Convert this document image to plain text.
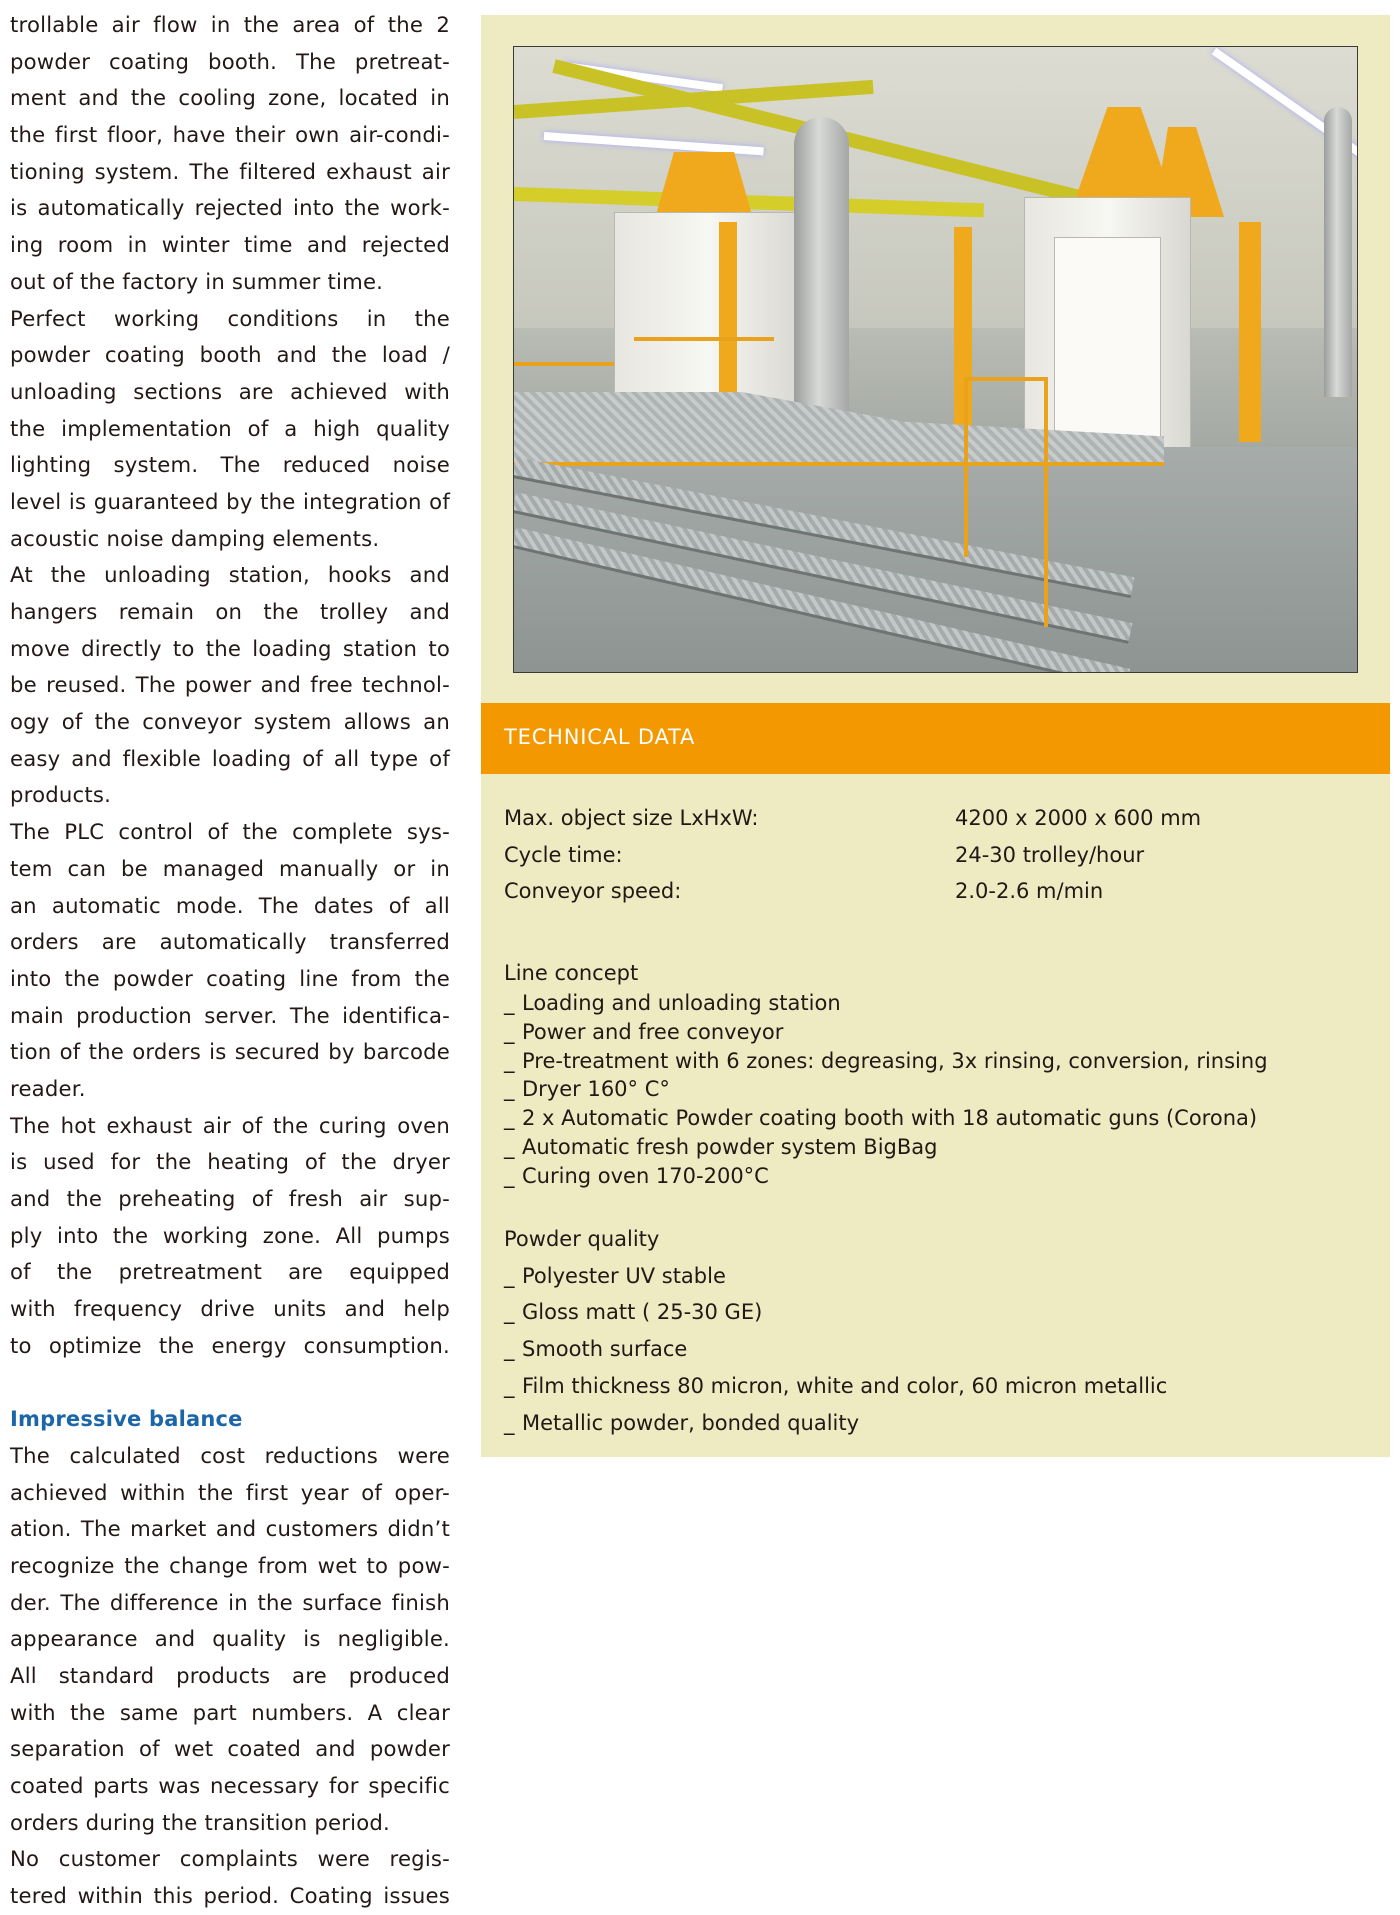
trollable air flow in the area of the 2
powder coating booth. The pretreat-
ment and the cooling zone, located in
the first floor, have their own air-condi-
tioning system. The filtered exhaust air
is automatically rejected into the work-
ing room in winter time and rejected
out of the factory in summer time.
Perfect working conditions in the
powder coating booth and the load /
unloading sections are achieved with
the implementation of a high quality
lighting system. The reduced noise
level is guaranteed by the integration of
acoustic noise damping elements.
At the unloading station, hooks and
hangers remain on the trolley and
move directly to the loading station to
be reused. The power and free technol-
ogy of the conveyor system allows an
easy and flexible loading of all type of
products.
The PLC control of the complete sys-
tem can be managed manually or in
an automatic mode. The dates of all
orders are automatically transferred
into the powder coating line from the
main production server. The identifica-
tion of the orders is secured by barcode
reader.
The hot exhaust air of the curing oven
is used for the heating of the dryer
and the preheating of fresh air sup-
ply into the working zone. All pumps
of the pretreatment are equipped
with frequency drive units and help
to optimize the energy consumption.
Impressive balance
The calculated cost reductions were
achieved within the first year of oper-
ation. The market and customers didn’t
recognize the change from wet to pow-
der. The difference in the surface finish
appearance and quality is negligible.
All standard products are produced
with the same part numbers. A clear
separation of wet coated and powder
coated parts was necessary for specific
orders during the transition period.
No customer complaints were regis-
tered within this period. Coating issues
TECHNICAL DATA
Max. object size LxHxW:	4200 x 2000 x 600 mm
Cycle time:	24-30 trolley/hour
Conveyor speed:	2.0-2.6 m/min
Line concept
_ Loading and unloading station
_ Power and free conveyor
_ Pre-treatment with 6 zones: degreasing, 3x rinsing, conversion, rinsing
_ Dryer 160° C°
_ 2 x Automatic Powder coating booth with 18 automatic guns (Corona)
_ Automatic fresh powder system BigBag
_ Curing oven 170-200°C
Powder quality
_ Polyester UV stable
_ Gloss matt ( 25-30 GE)
_ Smooth surface
_ Film thickness 80 micron, white and color, 60 micron metallic
_ Metallic powder, bonded quality
